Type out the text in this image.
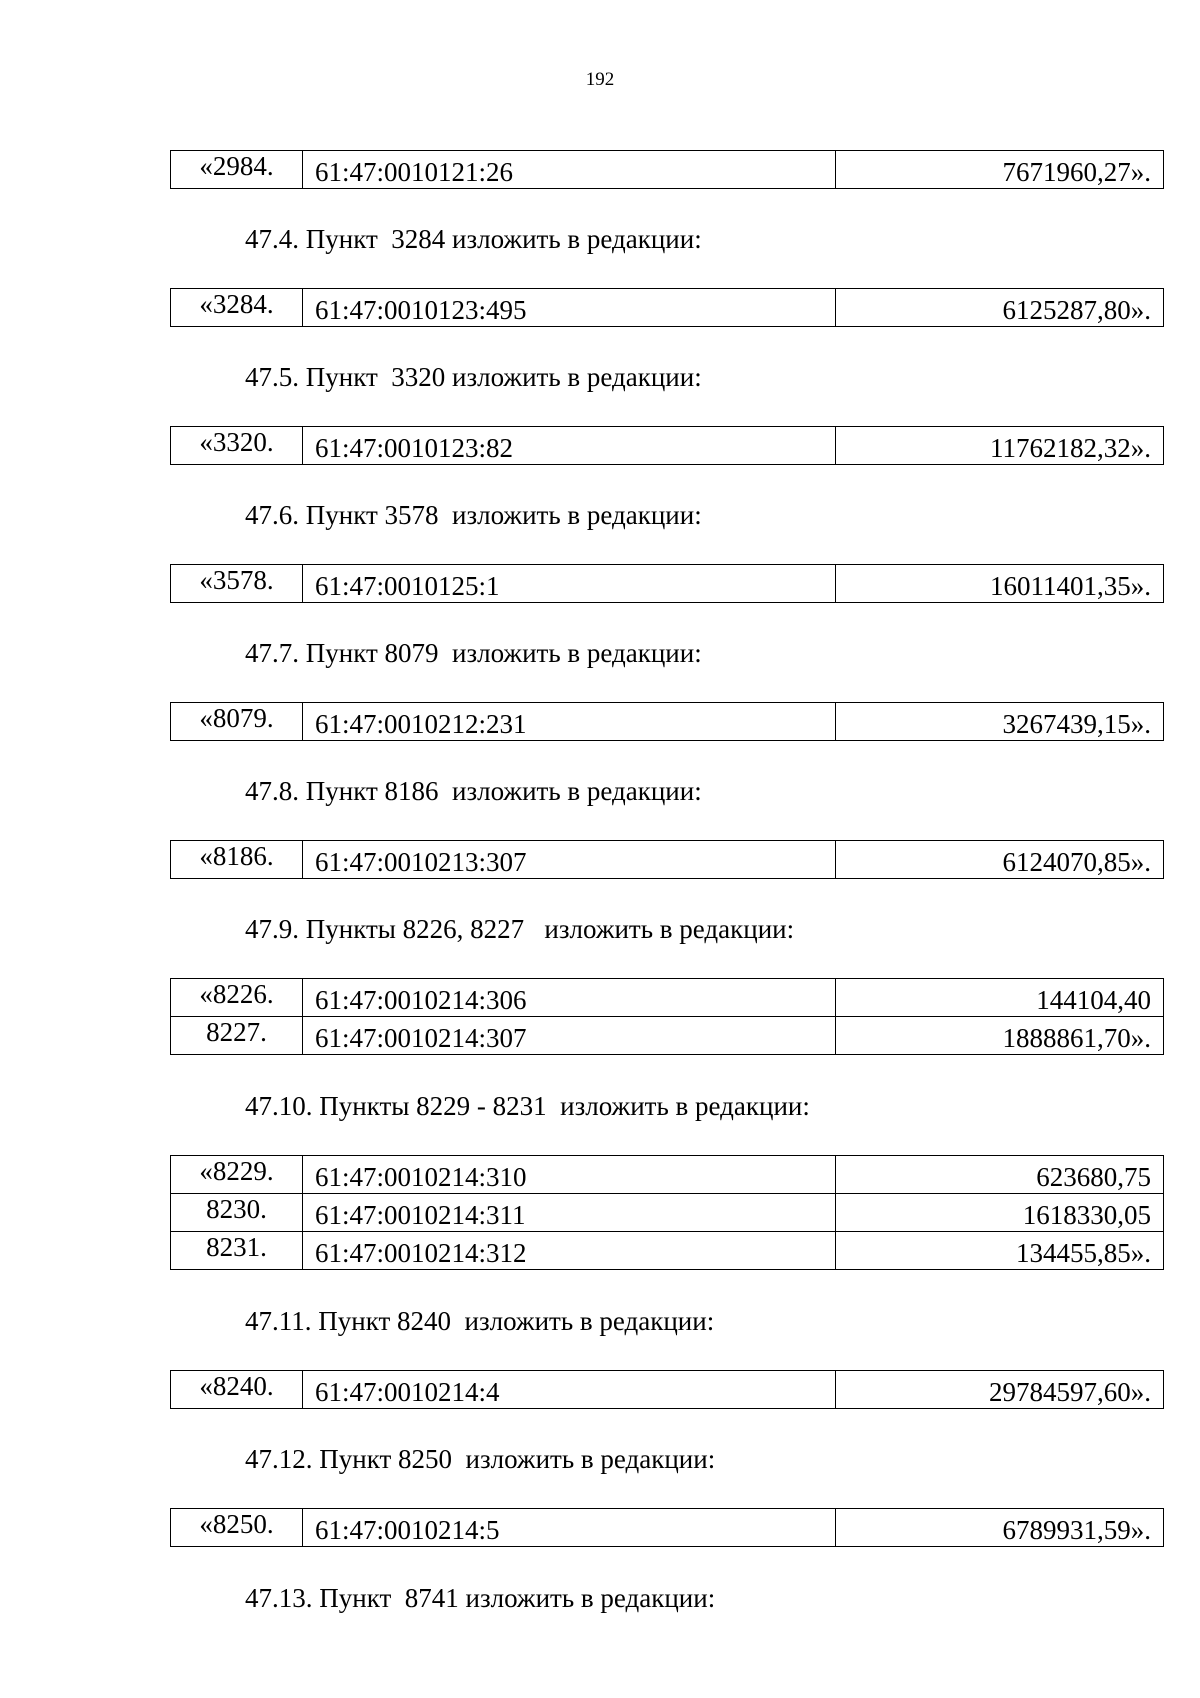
192
«2984.	61:47:0010121:26	7671960,27».
47.4. Пункт  3284 изложить в редакции:
«3284.	61:47:0010123:495	6125287,80».
47.5. Пункт  3320 изложить в редакции:
«3320.	61:47:0010123:82	11762182,32».
47.6. Пункт 3578  изложить в редакции:
«3578.	61:47:0010125:1	16011401,35».
47.7. Пункт 8079  изложить в редакции:
«8079.	61:47:0010212:231	3267439,15».
47.8. Пункт 8186  изложить в редакции:
«8186.	61:47:0010213:307	6124070,85».
47.9. Пункты 8226, 8227   изложить в редакции:
«8226.	61:47:0010214:306	144104,40
8227.	61:47:0010214:307	1888861,70».
47.10. Пункты 8229 - 8231  изложить в редакции:
«8229.	61:47:0010214:310	623680,75
8230.	61:47:0010214:311	1618330,05
8231.	61:47:0010214:312	134455,85».
47.11. Пункт 8240  изложить в редакции:
«8240.	61:47:0010214:4	29784597,60».
47.12. Пункт 8250  изложить в редакции:
«8250.	61:47:0010214:5	6789931,59».
47.13. Пункт  8741 изложить в редакции:
